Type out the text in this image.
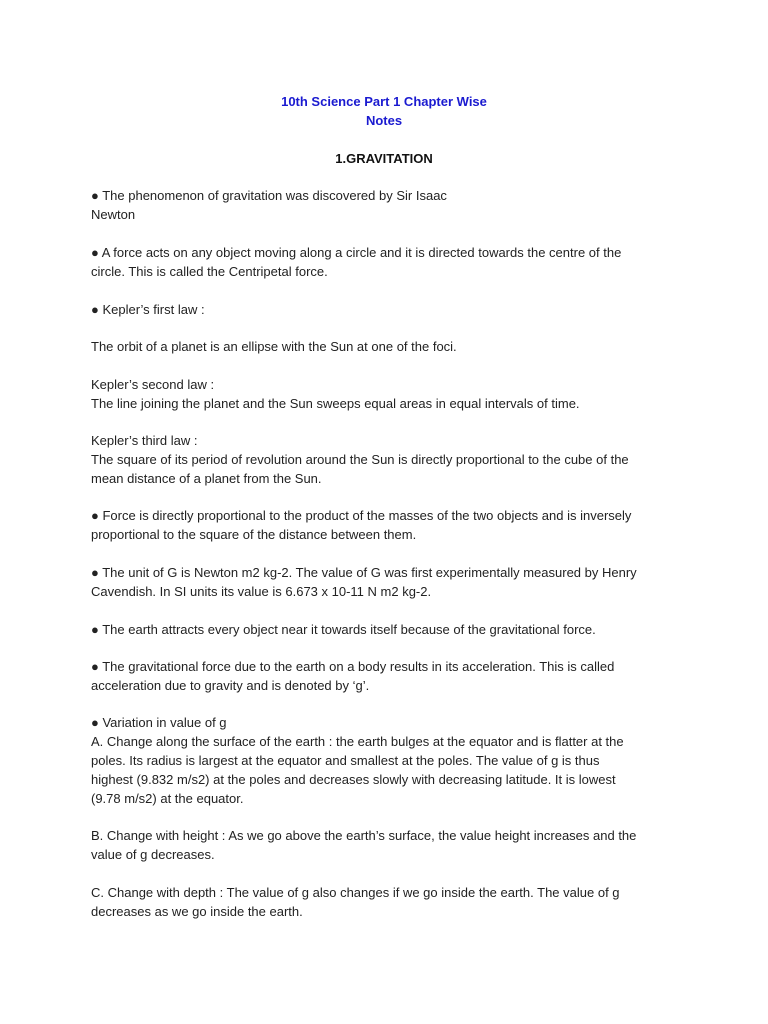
10th Science Part 1 Chapter Wise
Notes
1.GRAVITATION
● The phenomenon of gravitation was discovered by Sir Isaac
Newton
● A force acts on any object moving along a circle and it is directed towards the centre of the
circle. This is called the Centripetal force.
● Kepler’s first law :
The orbit of a planet is an ellipse with the Sun at one of the foci.
Kepler’s second law :
The line joining the planet and the Sun sweeps equal areas in equal intervals of time.
Kepler’s third law :
The square of its period of revolution around the Sun is directly proportional to the cube of the
mean distance of a planet from the Sun.
● Force is directly proportional to the product of the masses of the two objects and is inversely
proportional to the square of the distance between them.
● The unit of G is Newton m2 kg-2. The value of G was first experimentally measured by Henry
Cavendish. In SI units its value is 6.673 x 10-11 N m2 kg-2.
● The earth attracts every object near it towards itself because of the gravitational force.
● The gravitational force due to the earth on a body results in its acceleration. This is called
acceleration due to gravity and is denoted by ‘g’.
● Variation in value of g
A. Change along the surface of the earth : the earth bulges at the equator and is flatter at the
poles. Its radius is largest at the equator and smallest at the poles. The value of g is thus
highest (9.832 m/s2) at the poles and decreases slowly with decreasing latitude. It is lowest
(9.78 m/s2) at the equator.
B. Change with height : As we go above the earth’s surface, the value height increases and the
value of g decreases.
C. Change with depth : The value of g also changes if we go inside the earth. The value of g
decreases as we go inside the earth.
